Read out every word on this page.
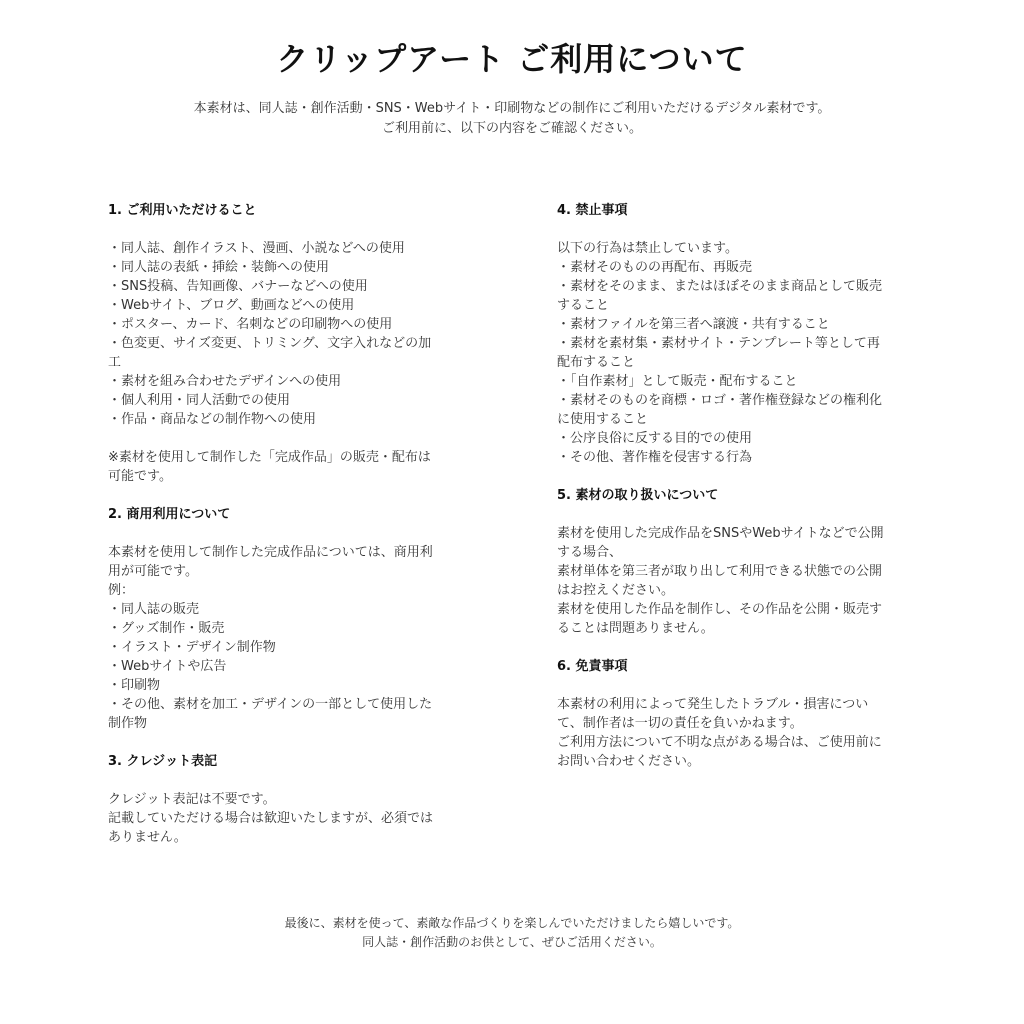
クリップアート ご利用について
本素材は、同人誌・創作活動・SNS・Webサイト・印刷物などの制作にご利用いただけるデジタル素材です。
ご利用前に、以下の内容をご確認ください。
1. ご利用いただけること
・同人誌、創作イラスト、漫画、小説などへの使用
・同人誌の表紙・挿絵・装飾への使用
・SNS投稿、告知画像、バナーなどへの使用
・Webサイト、ブログ、動画などへの使用
・ポスター、カード、名刺などの印刷物への使用
・色変更、サイズ変更、トリミング、文字入れなどの加
工
・素材を組み合わせたデザインへの使用
・個人利用・同人活動での使用
・作品・商品などの制作物への使用
※素材を使用して制作した「完成作品」の販売・配布は
可能です。
2. 商用利用について
本素材を使用して制作した完成作品については、商用利
用が可能です。
例：
・同人誌の販売
・グッズ制作・販売
・イラスト・デザイン制作物
・Webサイトや広告
・印刷物
・その他、素材を加工・デザインの一部として使用した
制作物
3. クレジット表記
クレジット表記は不要です。
記載していただける場合は歓迎いたしますが、必須では
ありません。
4. 禁止事項
以下の行為は禁止しています。
・素材そのものの再配布、再販売
・素材をそのまま、またはほぼそのまま商品として販売
すること
・素材ファイルを第三者へ譲渡・共有すること
・素材を素材集・素材サイト・テンプレート等として再
配布すること
・「自作素材」として販売・配布すること
・素材そのものを商標・ロゴ・著作権登録などの権利化
に使用すること
・公序良俗に反する目的での使用
・その他、著作権を侵害する行為
5. 素材の取り扱いについて
素材を使用した完成作品をSNSやWebサイトなどで公開
する場合、
素材単体を第三者が取り出して利用できる状態での公開
はお控えください。
素材を使用した作品を制作し、その作品を公開・販売す
ることは問題ありません。
6. 免責事項
本素材の利用によって発生したトラブル・損害につい
て、制作者は一切の責任を負いかねます。
ご利用方法について不明な点がある場合は、ご使用前に
お問い合わせください。
最後に、素材を使って、素敵な作品づくりを楽しんでいただけましたら嬉しいです。
同人誌・創作活動のお供として、ぜひご活用ください。
